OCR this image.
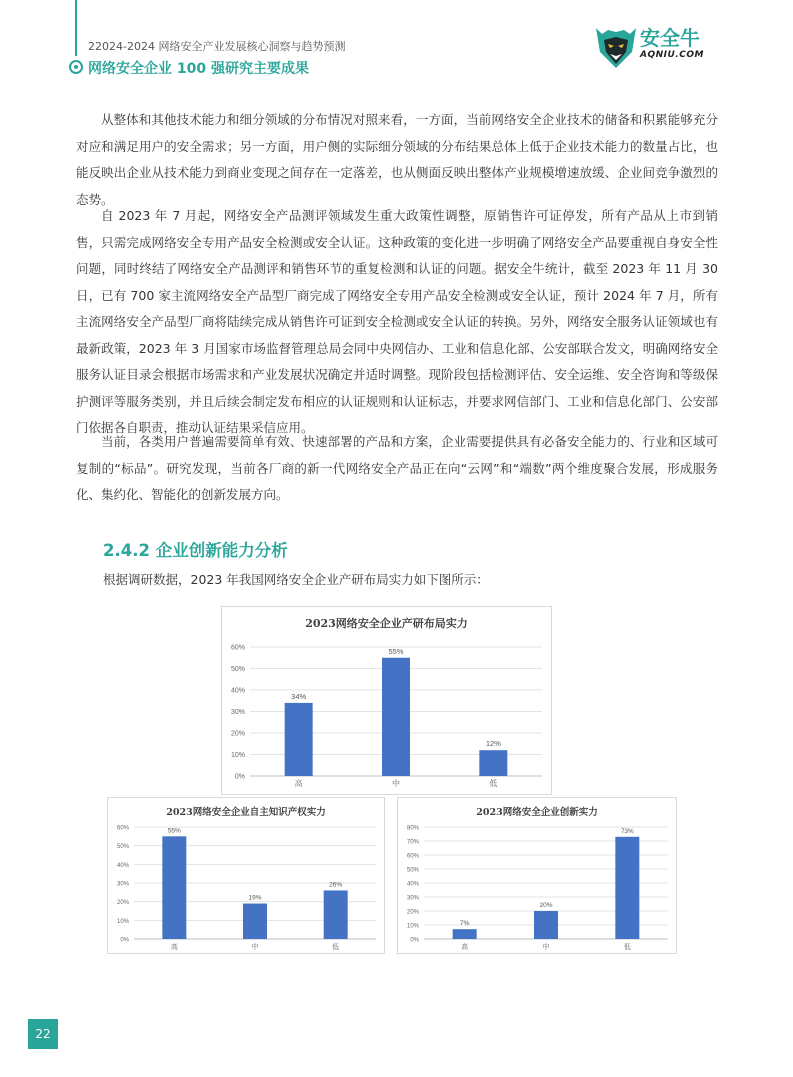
22024-2024 网络安全产业发展核心洞察与趋势预测
网络安全企业 100 强研究主要成果
安全牛
AQNIU.COM

从整体和其他技术能力和细分领域的分布情况对照来看，一方面，当前网络安全企业技术的储备和积累能够充分对应和满足用户的安全需求；另一方面，用户侧的实际细分领域的分布结果总体上低于企业技术能力的数量占比，也能反映出企业从技术能力到商业变现之间存在一定落差，也从侧面反映出整体产业规模增速放缓、企业间竞争激烈的态势。

自 2023 年 7 月起，网络安全产品测评领域发生重大政策性调整，原销售许可证停发，所有产品从上市到销售，只需完成网络安全专用产品安全检测或安全认证。这种政策的变化进一步明确了网络安全产品要重视自身安全性问题，同时终结了网络安全产品测评和销售环节的重复检测和认证的问题。据安全牛统计，截至 2023 年 11 月 30 日，已有 700 家主流网络安全产品型厂商完成了网络安全专用产品安全检测或安全认证，预计 2024 年 7 月，所有主流网络安全产品型厂商将陆续完成从销售许可证到安全检测或安全认证的转换。另外，网络安全服务认证领域也有最新政策，2023 年 3 月国家市场监督管理总局会同中央网信办、工业和信息化部、公安部联合发文，明确网络安全服务认证目录会根据市场需求和产业发展状况确定并适时调整。现阶段包括检测评估、安全运维、安全咨询和等级保护测评等服务类别，并且后续会制定发布相应的认证规则和认证标志，并要求网信部门、工业和信息化部门、公安部门依据各自职责，推动认证结果采信应用。

当前，各类用户普遍需要简单有效、快速部署的产品和方案，企业需要提供具有必备安全能力的、行业和区域可复制的“标品”。研究发现，当前各厂商的新一代网络安全产品正在向“云网”和“端数”两个维度聚合发展，形成服务化、集约化、智能化的创新发展方向。

2.4.2 企业创新能力分析
根据调研数据，2023 年我国网络安全企业产研布局实力如下图所示：
2023网络安全企业产研布局实力
0%
10%
20%
30%
40%
50%
60%
34%
高
55%
中
12%
低
2023网络安全企业自主知识产权实力
0%
10%
20%
30%
40%
50%
60%	55%
高
19%
中
26%
低
2023网络安全企业创新实力
0%
10%
20%
30%
40%
50%
60%
70%
80%
7%
高
20%
中
73%
低
22
